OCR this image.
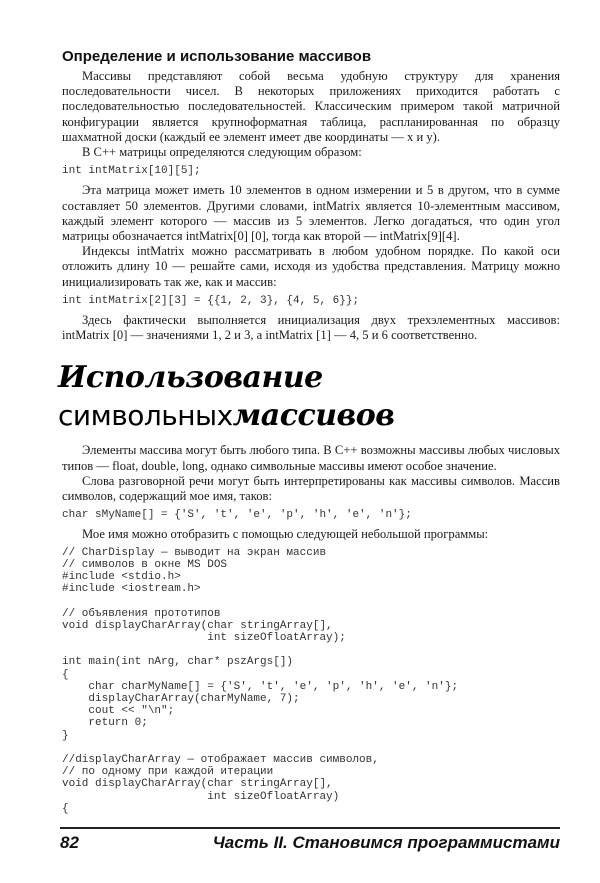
Определение и использование массивов

Массивы представляют собой весьма удобную структуру для хранения последовательности чисел. В некоторых приложениях приходится работать с последовательностью последовательностей. Классическим примером такой матричной конфигурации является крупноформатная таблица, распланированная по образцу шахматной доски (каждый ее элемент имеет две координаты — x и y).

В C++ матрицы определяются следующим образом:

int intMatrix[10][5];

Эта матрица может иметь 10 элементов в одном измерении и 5 в другом, что в сумме составляет 50 элементов. Другими словами, intMatrix является 10-элементным массивом, каждый элемент которого — массив из 5 элементов. Легко догадаться, что один угол матрицы обозначается intMatrix[0] [0], тогда как второй — intMatrix[9][4].

Индексы intMatrix можно рассматривать в любом удобном порядке. По какой оси отложить длину 10 — решайте сами, исходя из удобства представления. Матрицу можно инициализировать так же, как и массив:

int intMatrix[2][3] = {{1, 2, 3}, {4, 5, 6}};

Здесь фактически выполняется инициализация двух трехэлементных массивов: intMatrix [0] — значениями 1, 2 и 3, а intMatrix [1] — 4, 5 и 6 соответственно.

Использование символьныхмассивов

Элементы массива могут быть любого типа. В C++ возможны массивы любых числовых типов — float, double, long, однако символьные массивы имеют особое значение.

Слова разговорной речи могут быть интерпретированы как массивы символов. Массив символов, содержащий мое имя, таков:

char sMyName[] = {'S', 't', 'e', 'p', 'h', 'e', 'n'};

Мое имя можно отобразить с помощью следующей небольшой программы:

// CharDisplay — выводит на экран массив
// символов в окне MS DOS
#include <stdio.h>
#include <iostream.h>
// объявления прототипов
void displayCharArray(char stringArray[],
int sizeOfloatArray);
int main(int nArg, char* pszArgs[])
{
char charMyName[] = {'S', 't', 'e', 'p', 'h', 'e', 'n'};
displayCharArray(charMyName, 7);
cout << "\n";
return 0;
}
//displayCharArray — отображает массив символов,
// по одному при каждой итерации
void displayCharArray(char stringArray[],
int sizeOfloatArray)
{
82	Часть II. Становимся программистами
